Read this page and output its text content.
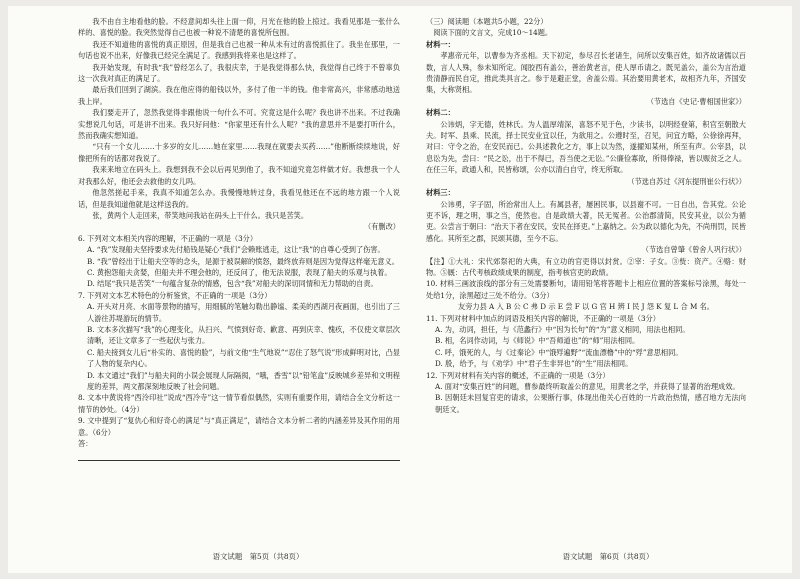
我不由自主地看他的脸。不经意间却头往上面一仰，月光在他的脸上掠过。我看见那是一张什么样的、喜悦的脸。我突然觉得自己也被一种说不清楚的喜悦所包围。

我还不知道他的喜悦的真正原因，但是我自己也被一种从未有过的喜悦抓住了。我坐在那里，一句话也说不出来，好像我已经完全满足了。我感到我将来也是这样了。

我开始发现，有时我“我”曾经怎么了，我很庆幸，于是我觉得那么快，我觉得自己终于不曾辜负这一次我对真正的满足了。

最后我们回到了湖滨。我在他应得的船钱以外，多付了他一半的钱。他非常高兴，非常感动地送我上岸。

我们要走开了，忽然我觉得非跟他说一句什么不可。究竟这是什么呢？我也讲不出来。不过我确实想说几句话，可是讲不出来。我只好问他：“你家里还有什么人呢？”我的意思并不是要打听什么，然而我确实想知道。

“只有一个女儿……十多岁的女儿……她在家里……我现在就要去买药……”他断断续续地说，好像把所有的话都对我说了。

我来来地立在码头上。我想到我不会以后再见到他了，我不知道究竟怎样做才好。我想我一个人对我那么好，他还会去救他的女儿吗。

他忽然搓起手来，我真不知道怎么办。我慢慢地转过身，我看见他还在不远的地方跟一个人说话，但是我知道他就是这样送我的。

张，黄两个人走回来，带笑地问我站在码头上干什么。我只是苦笑。

（有删改）

6. 下列对文本相关内容的理解，不正确的一项是（3分）

A. “我”发现船夫坚持要求先付船钱是疑心“我们”会赖账逃走，这让“我”的自尊心受到了伤害。

B. “我”曾经出于让船夫空等的念头，是源于被误解的愤怒，最终放弃则是因为觉得这样毫无意义。

C. 黄抱怨船夫贪婪，但船夫并不理会他的，还反问了，他无法说服，表现了船夫的乐观与执着。

D. 结尾“我只是苦笑”一句蕴含复杂的情感，包含“我”对船夫的深切同情和无力帮助的自责。

7. 下列对文本艺术特色的分析鉴赏，不正确的一项是（3分）

A. 开头对月亮、水面等景物的描写，用细腻的笔触勾勒出静谧、柔美的西湖月夜画面，也引出了三人游往苏堤游玩的情节。

B. 文本多次描写“我”的心理变化，从扫兴、气愤到好奇、歉意、再到庆幸、愧疚，不仅使文章层次清晰，还让文章多了一些起伏与张力。

C. 船夫接到女儿后“朴实的、喜悦的脸”，与前文他“生气地说”“忍住了怒气说”形成鲜明对比，凸显了人物的复杂内心。

D. 本文通过“我们”与船夫间的小误会展现人际隔阂，“哦，香雪”以“铅笔盒”反映城乡差异和文明程度的差异，两文都深刻地反映了社会问题。

8. 文本中黄说将“西泠印社”说成“西冷寺”这一情节看似偶然，实则有重要作用，请结合全文分析这一情节的妙处。（4分）

9. 文中提到了“复仇心和好奇心的满足”与“真正满足”，请结合文本分析二者的内涵差异及其作用的用意。（6分）

答：

（三）阅读题（本题共5小题，22分）

阅读下面的文言文，完成10～14题。

材料一：

孝惠帝元年，以曹参为齐丞相。天下初定，参尽召长老诸生，问所以安集百姓，如齐故诸儒以百数，言人人殊，参未知所定。闻胶西有盖公，善治黄老言，使人厚币请之。既见盖公，盖公为言治道贵清静而民自定，推此类具言之。参于是避正堂，舍盖公焉。其治要用黄老术，故相齐九年，齐国安集，大称贤相。

（节选自《史记·曹相国世家》）

材料二：

公讳炳，字无德，姓林氏。为人温厚靖深，喜怒不见于色，少读书，以明经登第，积官至朝散大夫。时军、县乘、民流，择士民安业宜以任，为欲用之。公遵时至，召见，问宜方略，公徐徐再拜，对曰：守令之治，在安民而已。公具述教化之方，事上以为然，遂擢知某州，所至有声。公宰县，以息讼为先，尝曰：“民之讼，出于不得已，吾当使之无讼。”公廉俭寡欲，所得俸禄，皆以赈贫乏之人。在任三年，政通人和，民皆称颂，公亦以清白自守，终无所取。

（节选自苏过《河东提刑崔公行状》）

材料三：

公讳勇，字子固，所治常出人上。有属县者，屡困民事，以县谢不可。一日自出，告其党。公论吏不诉，理之明，事之当，使然也。自是政绩大著，民无冤者。公治郡清简，民安其业，以公为循吏。公尝言于朝曰：“治天下者在安民，安民在择吏。”上嘉纳之。公为政以德化为先，不尚刑罚，民皆感化。其所至之郡，民颂其德，至今不忘。

（节选自曾肇《曾舍人巩行状》）

【注】①大礼：宋代郊祭祀的大典，有立功的官吏得以封赏。②宰：子女。③赀：资产。④赂：财物。⑤厩：古代考核政绩成果的制度，指考核官吏的政绩。

10. 材料三画波浪线的部分有三处需要断句，请用铅笔将答题卡上相应位置的答案标号涂黑，每处一处给1分，涂黑超过三处不给分。（3分）

友旁力县 A 入 B 公 C 弗 D 示 E 尝 F 以 G 官 H 辨 I 民 J 怨 K 复 L 合 M 名。

11. 下列对材料中加点的词语及相关内容的解说，不正确的一项是（3分）

A. 为，动词，担任，与《范蠡行》中“因为长句”的“为”意义相同，用法也相同。

B. 相，名词作动词，与《师说》中“吾师道也”的“师”用法相同。

C. 呼，饿死的人，与《过秦论》中“饿殍遍野”“流血漂橹”中的“殍”意思相同。

D. 殷，给予，与《劝学》中“君子生非异也”的“生”用法相同。

12. 下列对材料有关内容的概述，不正确的一项是（3分）

A. 面对“安集百姓”的问题，曹参最终听取盖公的意见，用黄老之学，并获得了显著的治理成效。

B. 因朝廷未回复官吏的请求，公果断行事，体现出他关心百姓的一片政治热情，感召地方无法向朝廷文。

语文试题　第5页（共8页）	语文试题　第6页（共8页）
